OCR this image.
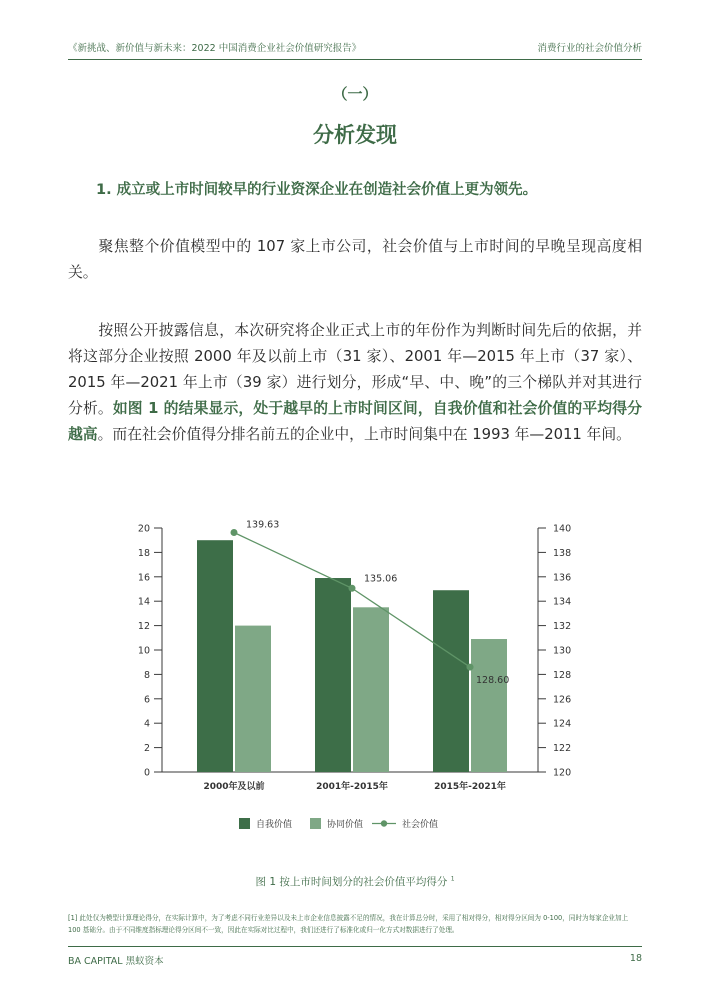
《新挑战、新价值与新未来：2022 中国消费企业社会价值研究报告》	消费行业的社会价值分析
（一）
分析发现
1. 成立或上市时间较早的行业资深企业在创造社会价值上更为领先。

聚焦整个价值模型中的 107 家上市公司，社会价值与上市时间的早晚呈现高度相关。

按照公开披露信息，本次研究将企业正式上市的年份作为判断时间先后的依据，并将这部分企业按照 2000 年及以前上市（31 家）、2001 年—2015 年上市（37 家）、2015 年—2021 年上市（39 家）进行划分，形成“早、中、晚”的三个梯队并对其进行分析。如图 1 的结果显示，处于越早的上市时间区间，自我价值和社会价值的平均得分越高。而在社会价值得分排名前五的企业中，上市时间集中在 1993 年—2011 年间。

0
2
4
6
8
10
12
14
16
18
20
120
122
124
126
128
130
132
134
136
138
140
139.63
135.06
128.60
2000年及以前	2001年-2015年	2015年-2021年
自我价值	协同价值	社会价值
图 1 按上市时间划分的社会价值平均得分 $^1$
[1] 此处仅为模型计算理论得分，在实际计算中，为了考虑不同行业差异以及未上市企业信息披露不足的情况，我在计算总分时，采用了相对得分，相对得分区间为 0-100，同时为每家企业加上 100 基础分。由于不同维度指标理论得分区间不一致，因此在实际对比过程中，我们还进行了标准化或归一化方式对数据进行了处理。
BA CAPITAL 黑蚁资本	18
